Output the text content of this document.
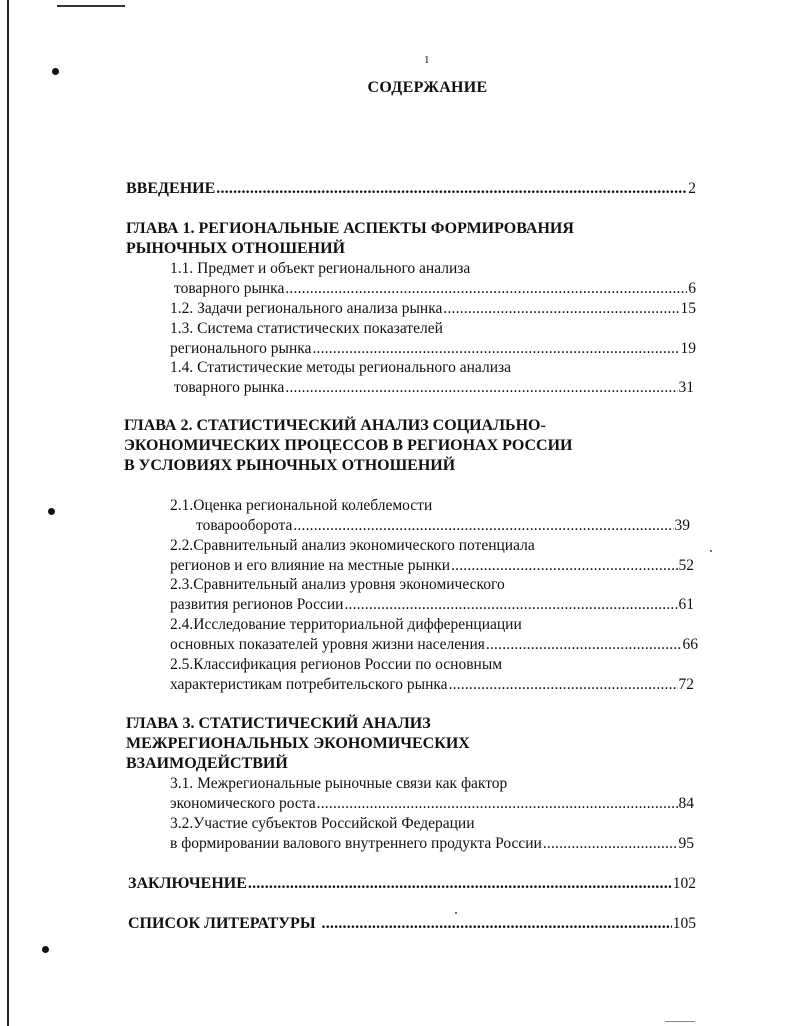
1
СОДЕРЖАНИЕ
ВВЕДЕНИЕ .....	2
ГЛАВА 1. РЕГИОНАЛЬНЫЕ АСПЕКТЫ ФОРМИРОВАНИЯ
РЫНОЧНЫХ ОТНОШЕНИЙ
1.1. Предмет и объект регионального анализа
товарного рынка .....	6
1.2. Задачи регионального анализа рынка .....	15
1.3. Система статистических показателей
регионального рынка .....	19
1.4. Статистические методы регионального анализа
товарного рынка .....	31
ГЛАВА 2. СТАТИСТИЧЕСКИЙ АНАЛИЗ СОЦИАЛЬНО-
ЭКОНОМИЧЕСКИХ ПРОЦЕССОВ В РЕГИОНАХ РОССИИ
В УСЛОВИЯХ РЫНОЧНЫХ ОТНОШЕНИЙ
2.1.Оценка региональной колеблемости
товарооборота .....	39
2.2.Сравнительный анализ экономического потенциала
регионов и его влияние на местные рынки .....	52
2.3.Сравнительный анализ уровня экономического
развития регионов России .....	61
2.4.Исследование территориальной дифференциации
основных показателей уровня жизни населения .....	66
2.5.Классификация регионов России по основным
характеристикам потребительского рынка .....	72
ГЛАВА 3. СТАТИСТИЧЕСКИЙ АНАЛИЗ
МЕЖРЕГИОНАЛЬНЫХ ЭКОНОМИЧЕСКИХ
ВЗАИМОДЕЙСТВИЙ
3.1. Межрегиональные рыночные связи как фактор
экономического роста .....	84
3.2.Участие субъектов Российской Федерации
в формировании валового внутреннего продукта России .....	95
ЗАКЛЮЧЕНИЕ .....	102
СПИСОК ЛИТЕРАТУРЫ .....	105
